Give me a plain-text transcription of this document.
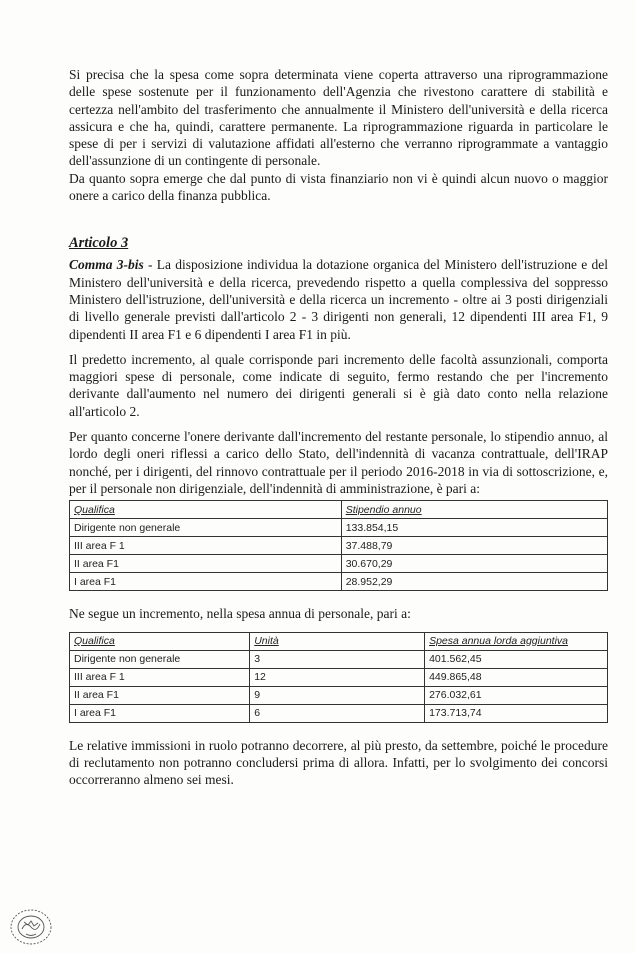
Si precisa che la spesa come sopra determinata viene coperta attraverso una riprogrammazione delle spese sostenute per il funzionamento dell'Agenzia che rivestono carattere di stabilità e certezza nell'ambito del trasferimento che annualmente il Ministero dell'università e della ricerca assicura e che ha, quindi, carattere permanente. La riprogrammazione riguarda in particolare le spese di per i servizi di valutazione affidati all'esterno che verranno riprogrammate a vantaggio dell'assunzione di un contingente di personale.

Da quanto sopra emerge che dal punto di vista finanziario non vi è quindi alcun nuovo o maggior onere a carico della finanza pubblica.

Articolo 3

Comma 3-bis - La disposizione individua la dotazione organica del Ministero dell'istruzione e del Ministero dell'università e della ricerca, prevedendo rispetto a quella complessiva del soppresso Ministero dell'istruzione, dell'università e della ricerca un incremento - oltre ai 3 posti dirigenziali di livello generale previsti dall'articolo 2 - 3 dirigenti non generali, 12 dipendenti III area F1, 9 dipendenti II area F1 e 6 dipendenti I area F1 in più.

Il predetto incremento, al quale corrisponde pari incremento delle facoltà assunzionali, comporta maggiori spese di personale, come indicate di seguito, fermo restando che per l'incremento derivante dall'aumento nel numero dei dirigenti generali si è già dato conto nella relazione all'articolo 2.

Per quanto concerne l'onere derivante dall'incremento del restante personale, lo stipendio annuo, al lordo degli oneri riflessi a carico dello Stato, dell'indennità di vacanza contrattuale, dell'IRAP nonché, per i dirigenti, del rinnovo contrattuale per il periodo 2016-2018 in via di sottoscrizione, e, per il personale non dirigenziale, dell'indennità di amministrazione, è pari a:

Qualifica	Stipendio annuo
Dirigente non generale	133.854,15
III area F 1	37.488,79
II area F1	30.670,29
I area F1	28.952,29

Ne segue un incremento, nella spesa annua di personale, pari a:

Qualifica	Unità	Spesa annua lorda aggiuntiva
Dirigente non generale	3	401.562,45
III area F 1	12	449.865,48
II area F1	9	276.032,61
I area F1	6	173.713,74

Le relative immissioni in ruolo potranno decorrere, al più presto, da settembre, poiché le procedure di reclutamento non potranno concludersi prima di allora. Infatti, per lo svolgimento dei concorsi occorreranno almeno sei mesi.
